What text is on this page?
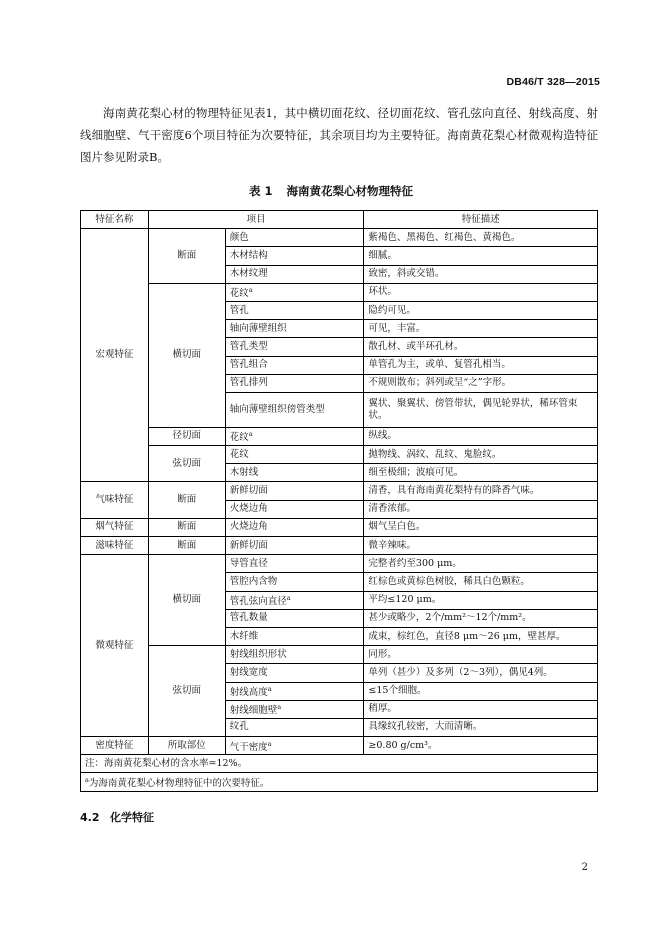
DB46/T 328—2015

海南黄花梨心材的物理特征见表1，其中横切面花纹、径切面花纹、管孔弦向直径、射线高度、射线细胞壁、气干密度6个项目特征为次要特征，其余项目均为主要特征。海南黄花梨心材微观构造特征图片参见附录B。

表 1 海南黄花梨心材物理特征
特征名称	项目		特征描述
宏观特征	断面	颜色	紫褐色、黑褐色、红褐色、黄褐色。
		木材结构	细腻。
		木材纹理	致密，斜或交错。
	横切面	花纹$^a$	环状。
		管孔	隐约可见。
		轴向薄壁组织	可见，丰富。
		管孔类型	散孔材、或半环孔材。
		管孔组合	单管孔为主，或单、复管孔相当。
		管孔排列	不规则散布；斜列或呈“之”字形。
		轴向薄壁组织傍管类型	翼状、聚翼状、傍管带状，偶见轮界状，稀环管束状。
	径切面	花纹$^a$	纵线。
	弦切面	花纹	抛物线、涡纹、乱纹、鬼脸纹。
		木射线	细至极细；波痕可见。
气味特征	断面	新鲜切面	清香，具有海南黄花梨特有的降香气味。
		火烧边角	清香浓郁。
烟气特征	断面	火烧边角	烟气呈白色。
滋味特征	断面	新鲜切面	微辛辣味。
微观特征	横切面	导管直径	完整者约至300 μm。
		管腔内含物	红棕色或黄棕色树胶，稀具白色颗粒。
		管孔弦向直径$^a$	平均≤120 μm。
		管孔数量	甚少或略少，2个/mm²～12个/mm²。
		木纤维	成束，棕红色，直径8 μm～26 μm，壁甚厚。
	弦切面	射线组织形状	同形。
		射线宽度	单列（甚少）及多列（2～3列），偶见4列。
		射线高度$^a$	≤15个细胞。
		射线细胞壁$^a$	稍厚。
		纹孔	具缘纹孔较密，大而清晰。
密度特征	所取部位	气干密度$^a$	≥0.80 g/cm³。
注：海南黄花梨心材的含水率=12%。			
$^a$为海南黄花梨心材物理特征中的次要特征。			
4.2 化学特征
2
